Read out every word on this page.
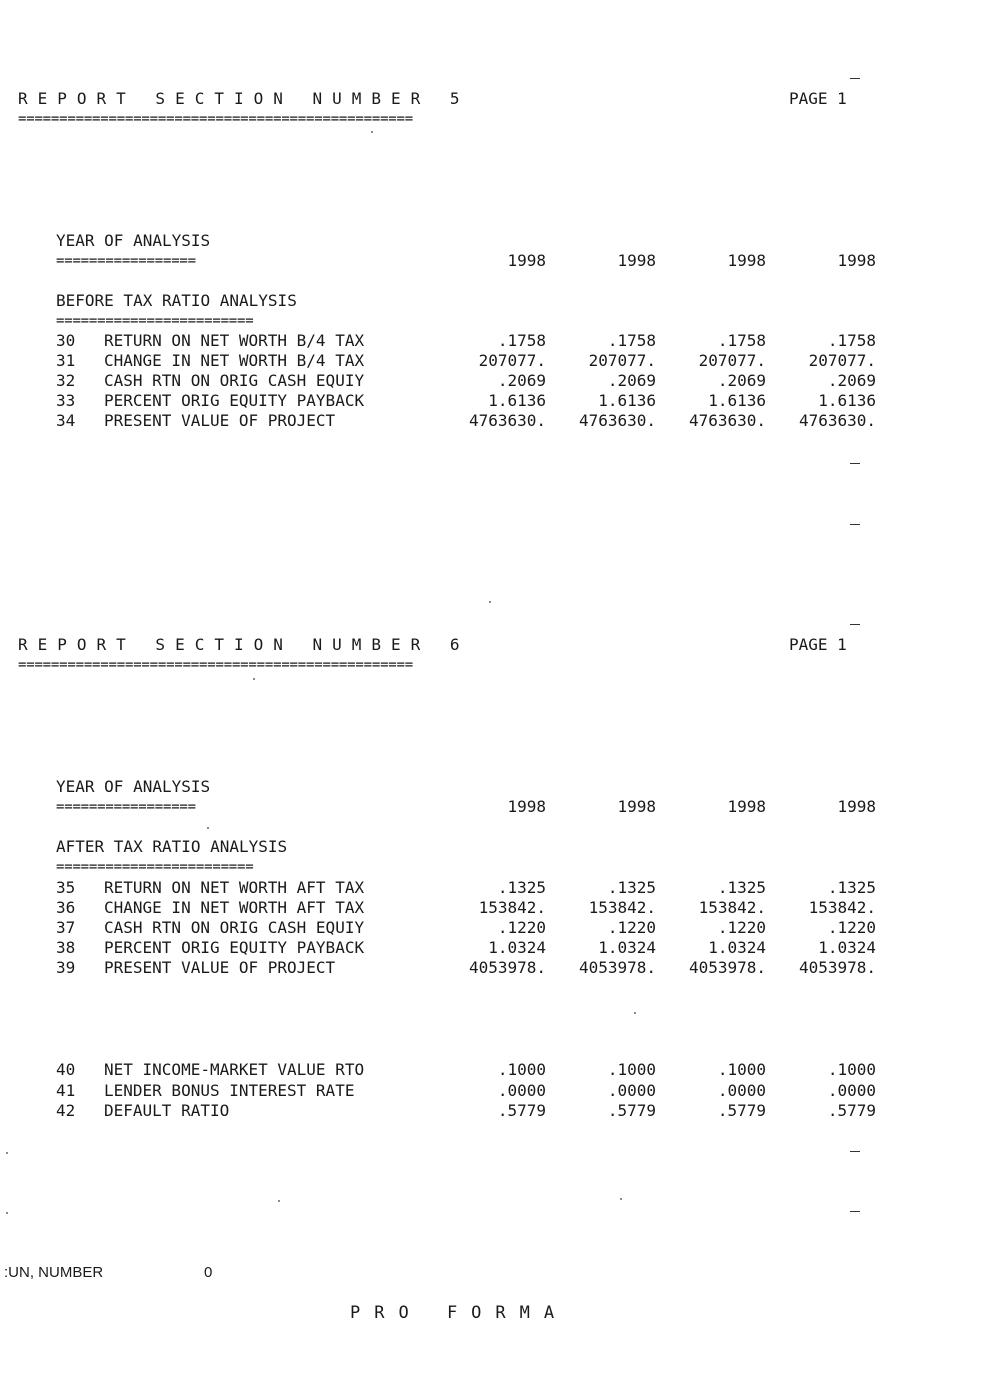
REPORT SECTION NUMBER 5	PAGE 1
================================================
YEAR OF ANALYSIS
=================	1998	1998	1998	1998
BEFORE TAX RATIO ANALYSIS
========================
30 RETURN ON NET WORTH B/4 TAX	.1758	.1758	.1758	.1758
31 CHANGE IN NET WORTH B/4 TAX	207077.	207077.	207077.	207077.
32 CASH RTN ON ORIG CASH EQUIY	.2069	.2069	.2069	.2069
33 PERCENT ORIG EQUITY PAYBACK	1.6136	1.6136	1.6136	1.6136
34 PRESENT VALUE OF PROJECT	4763630.	4763630.	4763630.	4763630.
REPORT SECTION NUMBER 6	PAGE 1
================================================
YEAR OF ANALYSIS
=================	1998	1998	1998	1998
AFTER TAX RATIO ANALYSIS
========================
35 RETURN ON NET WORTH AFT TAX	.1325	.1325	.1325	.1325
36 CHANGE IN NET WORTH AFT TAX	153842.	153842.	153842.	153842.
37 CASH RTN ON ORIG CASH EQUIY	.1220	.1220	.1220	.1220
38 PERCENT ORIG EQUITY PAYBACK	1.0324	1.0324	1.0324	1.0324
39 PRESENT VALUE OF PROJECT	4053978.	4053978.	4053978.	4053978.
40 NET INCOME-MARKET VALUE RTO	.1000	.1000	.1000	.1000
41 LENDER BONUS INTEREST RATE	.0000	.0000	.0000	.0000
42 DEFAULT RATIO	.5779	.5779	.5779	.5779
:UN, NUMBER	0
PRO FORMA
